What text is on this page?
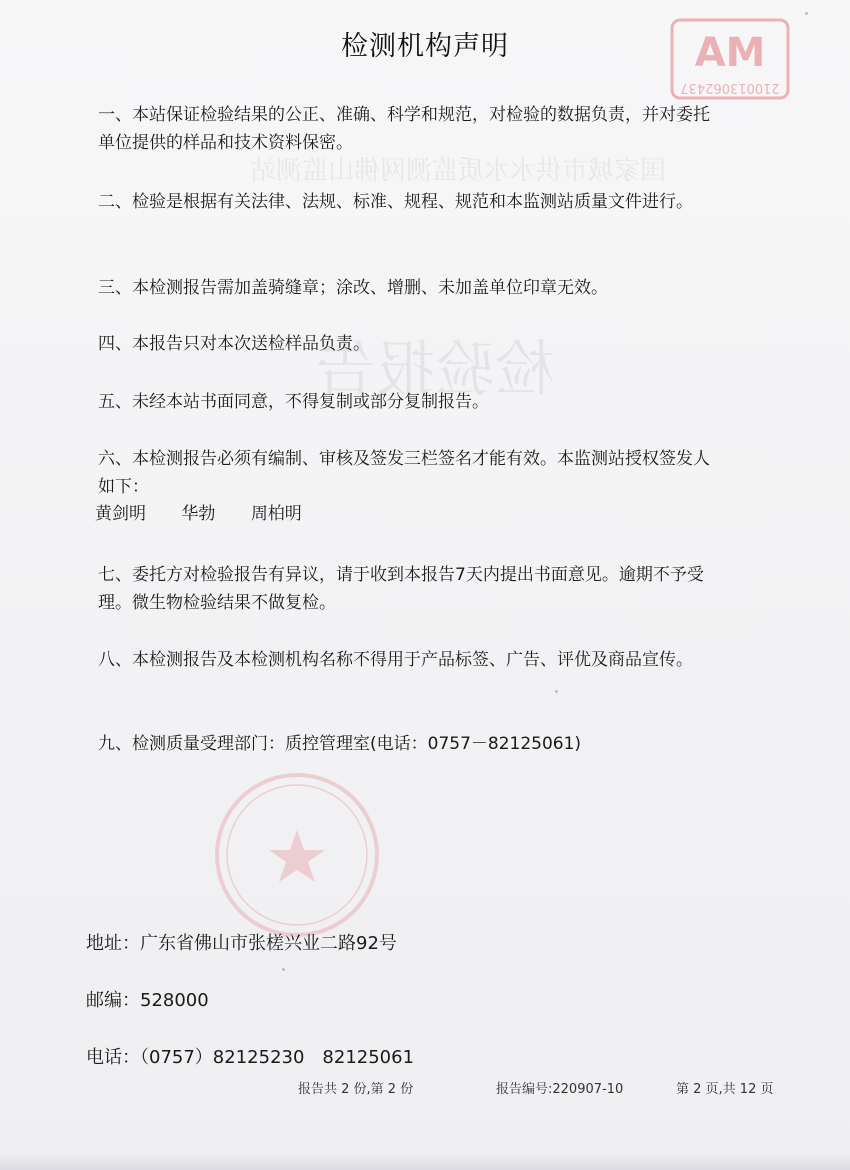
检验报告
国家城市供水水质监测网佛山监测站
MA
210013062437
检测机构声明
一、本站保证检验结果的公正、准确、科学和规范，对检验的数据负责，并对委托单位提供的样品和技术资料保密。
二、检验是根据有关法律、法规、标准、规程、规范和本监测站质量文件进行。
三、本检测报告需加盖骑缝章；涂改、增删、未加盖单位印章无效。
四、本报告只对本次送检样品负责。
五、未经本站书面同意，不得复制或部分复制报告。
六、本检测报告必须有编制、审核及签发三栏签名才能有效。本监测站授权签发人如下：
黄剑明 华勃 周柏明
七、委托方对检验报告有异议，请于收到本报告7天内提出书面意见。逾期不予受理。微生物检验结果不做复检。
八、本检测报告及本检测机构名称不得用于产品标签、广告、评优及商品宣传。
九、检测质量受理部门：质控管理室(电话：0757－82125061)
地址：广东省佛山市张槎兴业二路92号
邮编：528000
电话：（0757）82125230　82125061
报告共 2 份,第 2 份	报告编号:220907-10	第 2 页,共 12 页
